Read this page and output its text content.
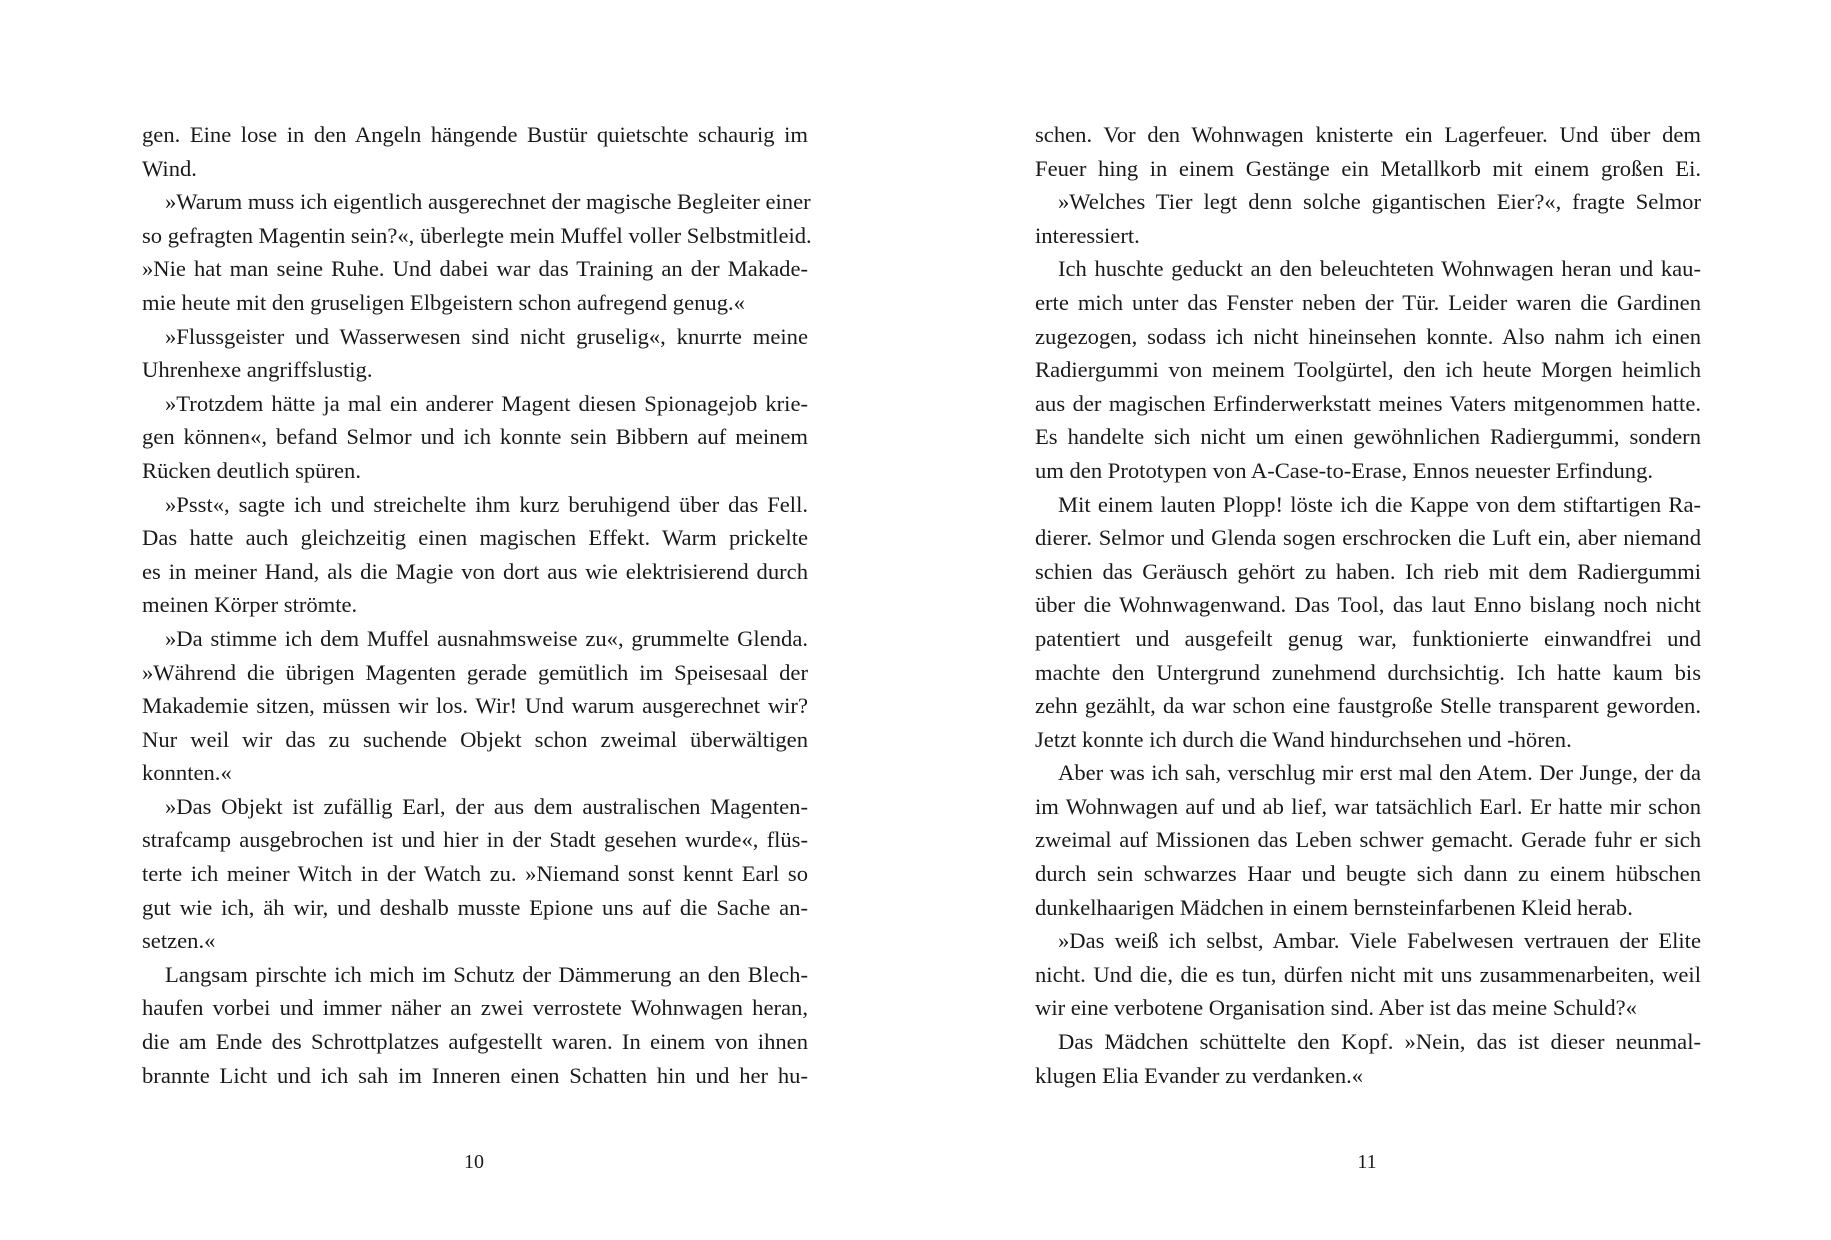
gen. Eine lose in den Angeln hängende Bustür quietschte schaurig im
Wind.
»Warum muss ich eigentlich ausgerechnet der magische Begleiter einer
so gefragten Magentin sein?«, überlegte mein Muffel voller Selbstmitleid.
»Nie hat man seine Ruhe. Und dabei war das Training an der Makade-
mie heute mit den gruseligen Elbgeistern schon aufregend genug.«
»Flussgeister und Wasserwesen sind nicht gruselig«, knurrte meine
Uhrenhexe angriffslustig.
»Trotzdem hätte ja mal ein anderer Magent diesen Spionagejob krie-
gen können«, befand Selmor und ich konnte sein Bibbern auf meinem
Rücken deutlich spüren.
»Psst«, sagte ich und streichelte ihm kurz beruhigend über das Fell.
Das hatte auch gleichzeitig einen magischen Effekt. Warm prickelte
es in meiner Hand, als die Magie von dort aus wie elektrisierend durch
meinen Körper strömte.
»Da stimme ich dem Muffel ausnahmsweise zu«, grummelte Glenda.
»Während die übrigen Magenten gerade gemütlich im Speisesaal der
Makademie sitzen, müssen wir los. Wir! Und warum ausgerechnet wir?
Nur weil wir das zu suchende Objekt schon zweimal überwältigen
konnten.«
»Das Objekt ist zufällig Earl, der aus dem australischen Magenten-
strafcamp ausgebrochen ist und hier in der Stadt gesehen wurde«, flüs-
terte ich meiner Witch in der Watch zu. »Niemand sonst kennt Earl so
gut wie ich, äh wir, und deshalb musste Epione uns auf die Sache an-
setzen.«
Langsam pirschte ich mich im Schutz der Dämmerung an den Blech-
haufen vorbei und immer näher an zwei verrostete Wohnwagen heran,
die am Ende des Schrottplatzes aufgestellt waren. In einem von ihnen
brannte Licht und ich sah im Inneren einen Schatten hin und her hu-
10
schen. Vor den Wohnwagen knisterte ein Lagerfeuer. Und über dem
Feuer hing in einem Gestänge ein Metallkorb mit einem großen Ei.
»Welches Tier legt denn solche gigantischen Eier?«, fragte Selmor
interessiert.
Ich huschte geduckt an den beleuchteten Wohnwagen heran und kau-
erte mich unter das Fenster neben der Tür. Leider waren die Gardinen
zugezogen, sodass ich nicht hineinsehen konnte. Also nahm ich einen
Radiergummi von meinem Toolgürtel, den ich heute Morgen heimlich
aus der magischen Erfinderwerkstatt meines Vaters mitgenommen hatte.
Es handelte sich nicht um einen gewöhnlichen Radiergummi, sondern
um den Prototypen von A-Case-to-Erase, Ennos neuester Erfindung.
Mit einem lauten Plopp! löste ich die Kappe von dem stiftartigen Ra-
dierer. Selmor und Glenda sogen erschrocken die Luft ein, aber niemand
schien das Geräusch gehört zu haben. Ich rieb mit dem Radiergummi
über die Wohnwagenwand. Das Tool, das laut Enno bislang noch nicht
patentiert und ausgefeilt genug war, funktionierte einwandfrei und
machte den Untergrund zunehmend durchsichtig. Ich hatte kaum bis
zehn gezählt, da war schon eine faustgroße Stelle transparent geworden.
Jetzt konnte ich durch die Wand hindurchsehen und -hören.
Aber was ich sah, verschlug mir erst mal den Atem. Der Junge, der da
im Wohnwagen auf und ab lief, war tatsächlich Earl. Er hatte mir schon
zweimal auf Missionen das Leben schwer gemacht. Gerade fuhr er sich
durch sein schwarzes Haar und beugte sich dann zu einem hübschen
dunkelhaarigen Mädchen in einem bernsteinfarbenen Kleid herab.
»Das weiß ich selbst, Ambar. Viele Fabelwesen vertrauen der Elite
nicht. Und die, die es tun, dürfen nicht mit uns zusammenarbeiten, weil
wir eine verbotene Organisation sind. Aber ist das meine Schuld?«
Das Mädchen schüttelte den Kopf. »Nein, das ist dieser neunmal-
klugen Elia Evander zu verdanken.«
11
